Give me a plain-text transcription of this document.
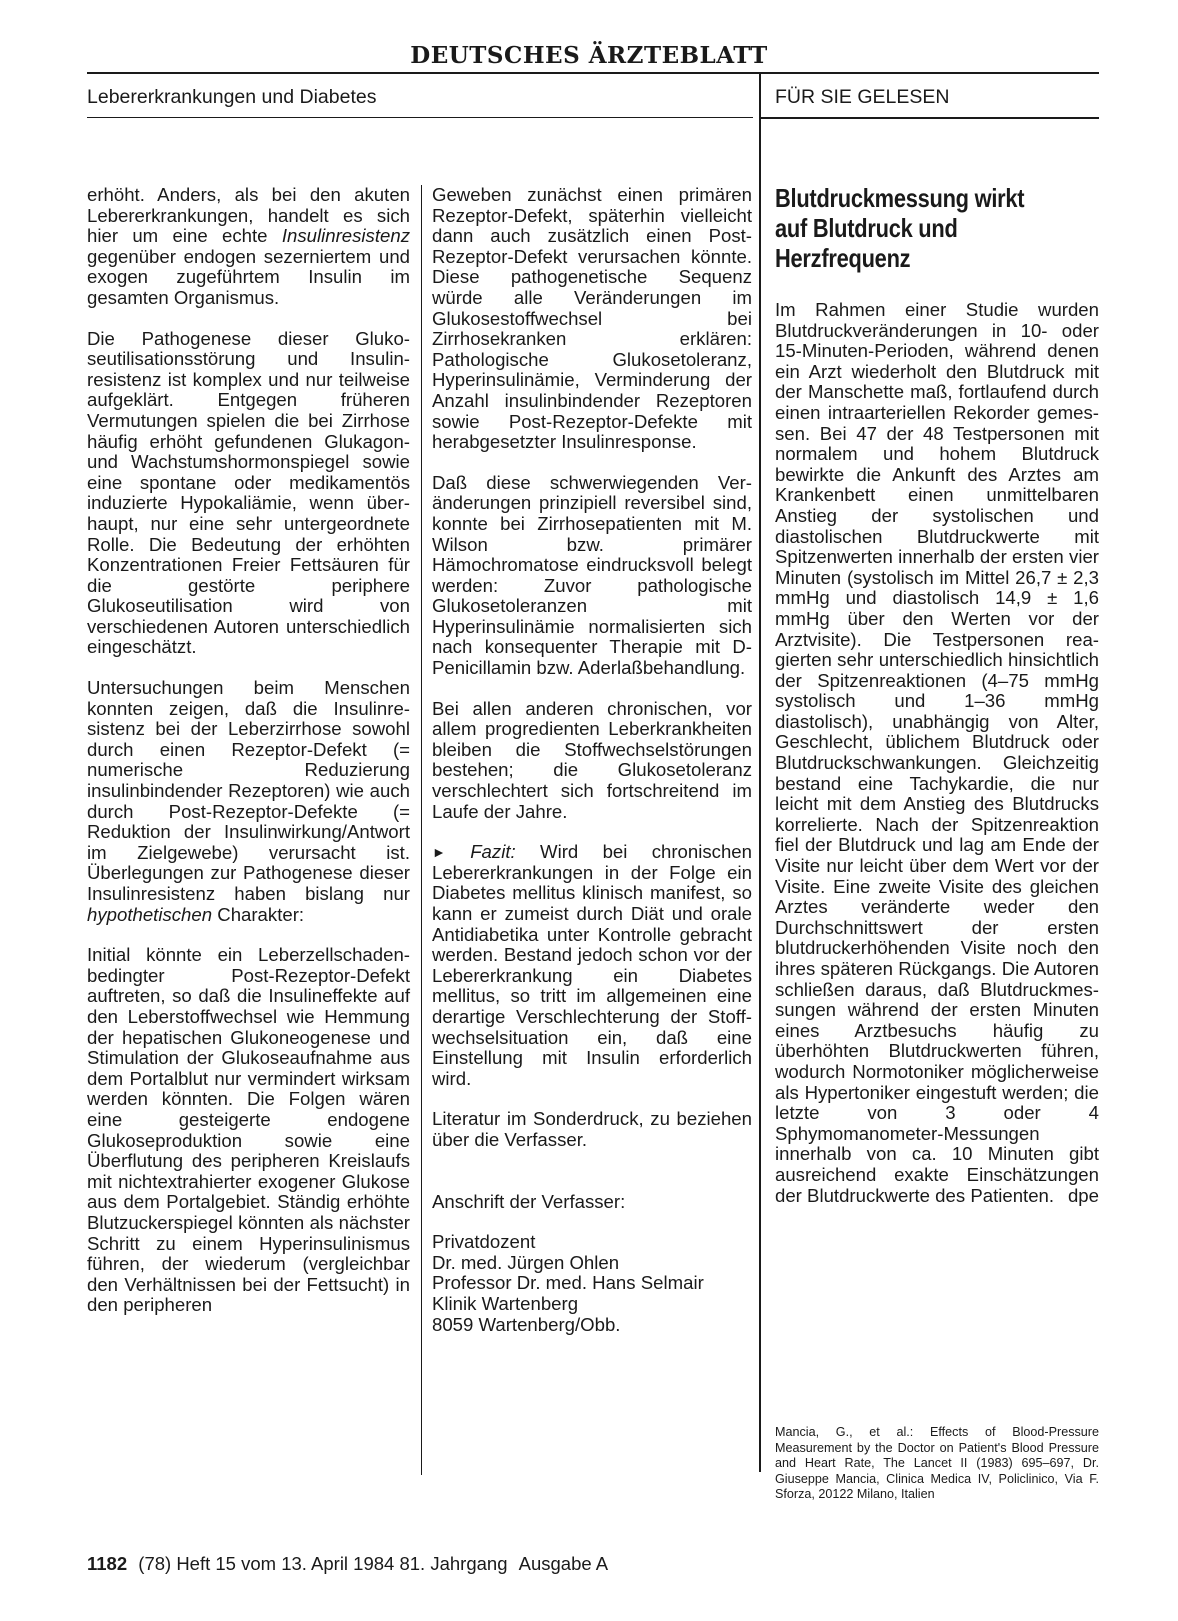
DEUTSCHES ÄRZTEBLATT
Lebererkrankungen und Diabetes	FÜR SIE GELESEN

erhöht. Anders, als bei den akuten Lebererkrankungen, handelt es sich hier um eine echte Insulinresistenz gegenüber endogen sezerniertem und exogen zugeführtem Insulin im gesamten Organismus.

Die Pathogenese dieser Glukoseutilisationsstörung und Insulinresistenz ist komplex und nur teilweise aufgeklärt. Entgegen früheren Vermutungen spielen die bei Zirrhose häufig erhöht gefundenen Glukagon- und Wachstumshormonspiegel sowie eine spontane oder medikamentös induzierte Hypokaliämie, wenn überhaupt, nur eine sehr untergeordnete Rolle. Die Bedeutung der erhöhten Konzentrationen Freier Fettsäuren für die gestörte periphere Glukoseutilisation wird von verschiedenen Autoren unterschiedlich eingeschätzt.

Untersuchungen beim Menschen konnten zeigen, daß die Insulinresistenz bei der Leberzirrhose sowohl durch einen Rezeptor-Defekt (= numerische Reduzierung insulinbindender Rezeptoren) wie auch durch Post-Rezeptor-Defekte (= Reduktion der Insulinwirkung/Antwort im Zielgewebe) verursacht ist. Überlegungen zur Pathogenese dieser Insulinresistenz haben bislang nur hypothetischen Charakter:

Initial könnte ein Leberzellschaden-bedingter Post-Rezeptor-Defekt auftreten, so daß die Insulineffekte auf den Leberstoffwechsel wie Hemmung der hepatischen Glukoneogenese und Stimulation der Glukoseaufnahme aus dem Portalblut nur vermindert wirksam werden könnten. Die Folgen wären eine gesteigerte endogene Glukoseproduktion sowie eine Überflutung des peripheren Kreislaufs mit nichtextrahierter exogener Glukose aus dem Portalgebiet. Ständig erhöhte Blutzuckerspiegel könnten als nächster Schritt zu einem Hyperinsulinismus führen, der wiederum (vergleichbar den Verhältnissen bei der Fettsucht) in den peripheren

Geweben zunächst einen primären Rezeptor-Defekt, späterhin vielleicht dann auch zusätzlich einen Post-Rezeptor-Defekt verursachen könnte. Diese pathogenetische Sequenz würde alle Veränderungen im Glukosestoffwechsel bei Zirrhosekranken erklären: Pathologische Glukosetoleranz, Hyperinsulinämie, Verminderung der Anzahl insulinbindender Rezeptoren sowie Post-Rezeptor-Defekte mit herabgesetzter Insulinresponse.

Daß diese schwerwiegenden Veränderungen prinzipiell reversibel sind, konnte bei Zirrhosepatienten mit M. Wilson bzw. primärer Hämochromatose eindrucksvoll belegt werden: Zuvor pathologische Glukosetoleranzen mit Hyperinsulinämie normalisierten sich nach konsequenter Therapie mit D-Penicillamin bzw. Aderlaßbehandlung.

Bei allen anderen chronischen, vor allem progredienten Leberkrankheiten bleiben die Stoffwechselstörungen bestehen; die Glukosetoleranz verschlechtert sich fortschreitend im Laufe der Jahre.

► Fazit: Wird bei chronischen Lebererkrankungen in der Folge ein Diabetes mellitus klinisch manifest, so kann er zumeist durch Diät und orale Antidiabetika unter Kontrolle gebracht werden. Bestand jedoch schon vor der Lebererkrankung ein Diabetes mellitus, so tritt im allgemeinen eine derartige Verschlechterung der Stoffwechselsituation ein, daß eine Einstellung mit Insulin erforderlich wird.

Literatur im Sonderdruck, zu beziehen über die Verfasser.

Anschrift der Verfasser:

Privatdozent
Dr. med. Jürgen Ohlen
Professor Dr. med. Hans Selmair
Klinik Wartenberg
8059 Wartenberg/Obb.

Blutdruckmessung wirkt auf Blutdruck und Herzfrequenz

Im Rahmen einer Studie wurden Blutdruckveränderungen in 10- oder 15-Minuten-Perioden, während denen ein Arzt wiederholt den Blutdruck mit der Manschette maß, fortlaufend durch einen intraarteriellen Rekorder gemessen. Bei 47 der 48 Testpersonen mit normalem und hohem Blutdruck bewirkte die Ankunft des Arztes am Krankenbett einen unmittelbaren Anstieg der systolischen und diastolischen Blutdruckwerte mit Spitzenwerten innerhalb der ersten vier Minuten (systolisch im Mittel 26,7 ± 2,3 mmHg und diastolisch 14,9 ± 1,6 mmHg über den Werten vor der Arztvisite). Die Testpersonen reagierten sehr unterschiedlich hinsichtlich der Spitzenreaktionen (4–75 mmHg systolisch und 1–36 mmHg diastolisch), unabhängig von Alter, Geschlecht, üblichem Blutdruck oder Blutdruckschwankungen. Gleichzeitig bestand eine Tachykardie, die nur leicht mit dem Anstieg des Blutdrucks korrelierte. Nach der Spitzenreaktion fiel der Blutdruck und lag am Ende der Visite nur leicht über dem Wert vor der Visite. Eine zweite Visite des gleichen Arztes veränderte weder den Durchschnittswert der ersten blutdruckerhöhenden Visite noch den ihres späteren Rückgangs. Die Autoren schließen daraus, daß Blutdruckmessungen während der ersten Minuten eines Arztbesuchs häufig zu überhöhten Blutdruckwerten führen, wodurch Normotoniker möglicherweise als Hypertoniker eingestuft werden; die letzte von 3 oder 4 Sphymomanometer-Messungen innerhalb von ca. 10 Minuten gibt ausreichend exakte Einschätzungen der Blutdruckwerte des Patienten. dpe

Mancia, G., et al.: Effects of Blood-Pressure Measurement by the Doctor on Patient's Blood Pressure and Heart Rate, The Lancet II (1983) 695–697, Dr. Giuseppe Mancia, Clinica Medica IV, Policlinico, Via F. Sforza, 20122 Milano, Italien
1182 (78) Heft 15 vom 13. April 1984 81. Jahrgang Ausgabe A
